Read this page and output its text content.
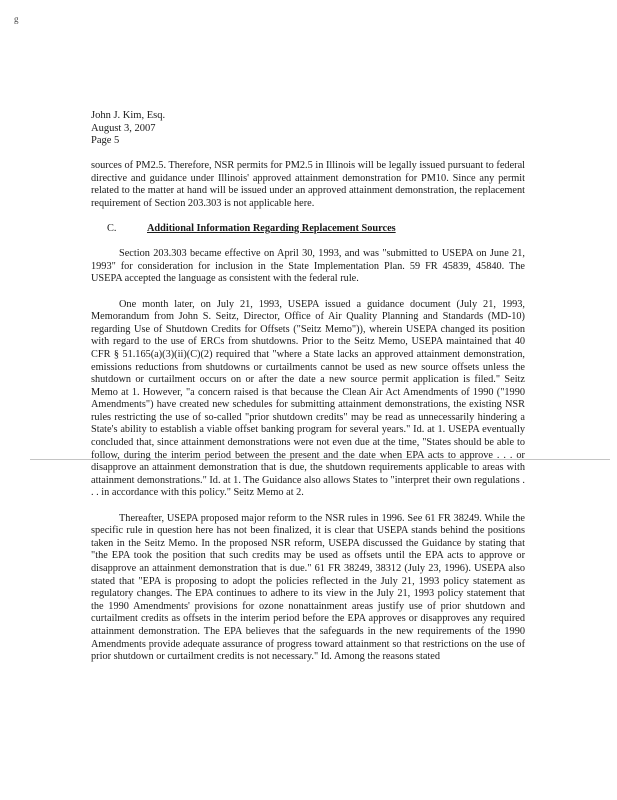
g
John J. Kim, Esq.
August 3, 2007
Page 5

sources of PM2.5. Therefore, NSR permits for PM2.5 in Illinois will be legally issued pursuant to federal directive and guidance under Illinois' approved attainment demonstration for PM10. Since any permit related to the matter at hand will be issued under an approved attainment demonstration, the replacement requirement of Section 203.303 is not applicable here.

C.	Additional Information Regarding Replacement Sources

Section 203.303 became effective on April 30, 1993, and was "submitted to USEPA on June 21, 1993" for consideration for inclusion in the State Implementation Plan. 59 FR 45839, 45840. The USEPA accepted the language as consistent with the federal rule.

One month later, on July 21, 1993, USEPA issued a guidance document (July 21, 1993, Memorandum from John S. Seitz, Director, Office of Air Quality Planning and Standards (MD-10) regarding Use of Shutdown Credits for Offsets ("Seitz Memo")), wherein USEPA changed its position with regard to the use of ERCs from shutdowns. Prior to the Seitz Memo, USEPA maintained that 40 CFR § 51.165(a)(3)(ii)(C)(2) required that "where a State lacks an approved attainment demonstration, emissions reductions from shutdowns or curtailments cannot be used as new source offsets unless the shutdown or curtailment occurs on or after the date a new source permit application is filed." Seitz Memo at 1. However, "a concern raised is that because the Clean Air Act Amendments of 1990 ("1990 Amendments") have created new schedules for submitting attainment demonstrations, the existing NSR rules restricting the use of so-called "prior shutdown credits" may be read as unnecessarily hindering a State's ability to establish a viable offset banking program for several years." Id. at 1. USEPA eventually concluded that, since attainment demonstrations were not even due at the time, "States should be able to follow, during the interim period between the present and the date when EPA acts to approve . . . or disapprove an attainment demonstration that is due, the shutdown requirements applicable to areas with attainment demonstrations." Id. at 1. The Guidance also allows States to "interpret their own regulations . . . in accordance with this policy." Seitz Memo at 2.

Thereafter, USEPA proposed major reform to the NSR rules in 1996. See 61 FR 38249. While the specific rule in question here has not been finalized, it is clear that USEPA stands behind the positions taken in the Seitz Memo. In the proposed NSR reform, USEPA discussed the Guidance by stating that "the EPA took the position that such credits may be used as offsets until the EPA acts to approve or disapprove an attainment demonstration that is due." 61 FR 38249, 38312 (July 23, 1996). USEPA also stated that "EPA is proposing to adopt the policies reflected in the July 21, 1993 policy statement as regulatory changes. The EPA continues to adhere to its view in the July 21, 1993 policy statement that the 1990 Amendments' provisions for ozone nonattainment areas justify use of prior shutdown and curtailment credits as offsets in the interim period before the EPA approves or disapproves any required attainment demonstration. The EPA believes that the safeguards in the new requirements of the 1990 Amendments provide adequate assurance of progress toward attainment so that restrictions on the use of prior shutdown or curtailment credits is not necessary." Id. Among the reasons stated
